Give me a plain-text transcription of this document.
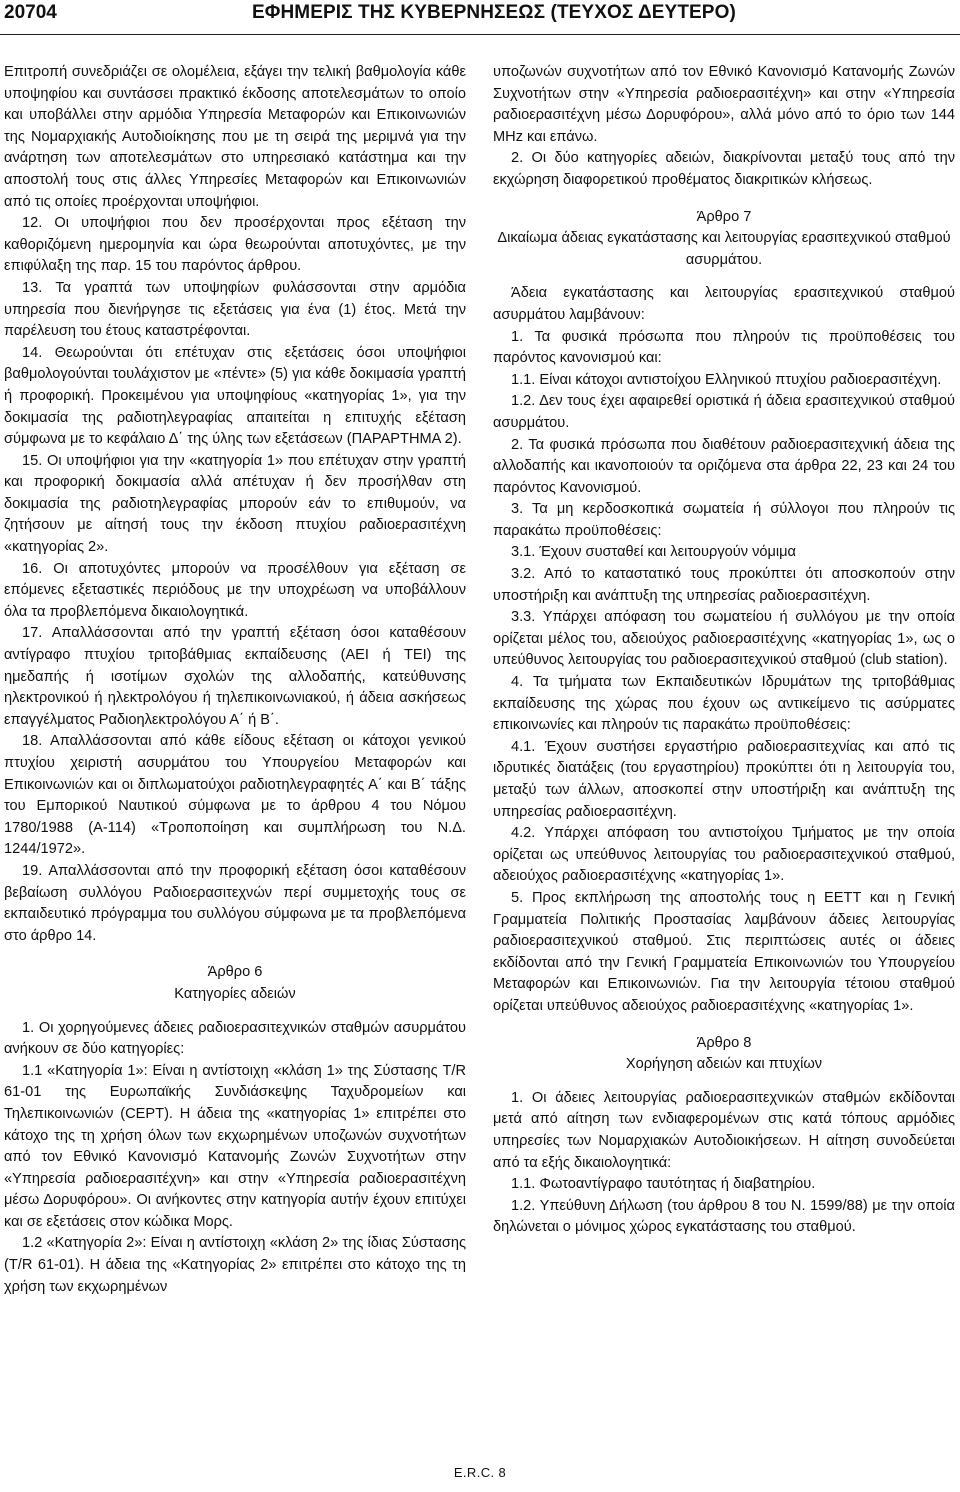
20704	ΕΦΗΜΕΡΙΣ ΤΗΣ ΚΥΒΕΡΝΗΣΕΩΣ (ΤΕΥΧΟΣ ΔΕΥΤΕΡΟ)

Επιτροπή συνεδριάζει σε ολομέλεια, εξάγει την τελική βαθμολογία κάθε υποψηφίου και συντάσσει πρακτικό έκδοσης αποτελεσμάτων το οποίο και υποβάλλει στην αρμόδια Υπηρεσία Μεταφορών και Επικοινωνιών της Νομαρχιακής Αυτοδιοίκησης που με τη σειρά της μεριμνά για την ανάρτηση των αποτελεσμάτων στο υπηρεσιακό κατάστημα και την αποστολή τους στις άλλες Υπηρεσίες Μεταφορών και Επικοινωνιών από τις οποίες προέρχονται υποψήφιοι.

12. Οι υποψήφιοι που δεν προσέρχονται προς εξέταση την καθοριζόμενη ημερομηνία και ώρα θεωρούνται αποτυχόντες, με την επιφύλαξη της παρ. 15 του παρόντος άρθρου.

13. Τα γραπτά των υποψηφίων φυλάσσονται στην αρμόδια υπηρεσία που διενήργησε τις εξετάσεις για ένα (1) έτος. Μετά την παρέλευση του έτους καταστρέφονται.

14. Θεωρούνται ότι επέτυχαν στις εξετάσεις όσοι υποψήφιοι βαθμολογούνται τουλάχιστον με «πέντε» (5) για κάθε δοκιμασία γραπτή ή προφορική. Προκειμένου για υποψηφίους «κατηγορίας 1», για την δοκιμασία της ραδιοτηλεγραφίας απαιτείται η επιτυχής εξέταση σύμφωνα με το κεφάλαιο Δ΄ της ύλης των εξετάσεων (ΠΑΡΑΡΤΗΜΑ 2).

15. Οι υποψήφιοι για την «κατηγορία 1» που επέτυχαν στην γραπτή και προφορική δοκιμασία αλλά απέτυχαν ή δεν προσήλθαν στη δοκιμασία της ραδιοτηλεγραφίας μπορούν εάν το επιθυμούν, να ζητήσουν με αίτησή τους την έκδοση πτυχίου ραδιοερασιτέχνη «κατηγορίας 2».

16. Οι αποτυχόντες μπορούν να προσέλθουν για εξέταση σε επόμενες εξεταστικές περιόδους με την υποχρέωση να υποβάλλουν όλα τα προβλεπόμενα δικαιολογητικά.

17. Απαλλάσσονται από την γραπτή εξέταση όσοι καταθέσουν αντίγραφο πτυχίου τριτοβάθμιας εκπαίδευσης (ΑΕΙ ή ΤΕΙ) της ημεδαπής ή ισοτίμων σχολών της αλλοδαπής, κατεύθυνσης ηλεκτρονικού ή ηλεκτρολόγου ή τηλεπικοινωνιακού, ή άδεια ασκήσεως επαγγέλματος Ραδιοηλεκτρολόγου Α΄ ή Β΄.

18. Απαλλάσσονται από κάθε είδους εξέταση οι κάτοχοι γενικού πτυχίου χειριστή ασυρμάτου του Υπουργείου Μεταφορών και Επικοινωνιών και οι διπλωματούχοι ραδιοτηλεγραφητές Α΄ και Β΄ τάξης του Εμπορικού Ναυτικού σύμφωνα με το άρθρου 4 του Νόμου 1780/1988 (Α-114) «Τροποποίηση και συμπλήρωση του Ν.Δ. 1244/1972».

19. Απαλλάσσονται από την προφορική εξέταση όσοι καταθέσουν βεβαίωση συλλόγου Ραδιοερασιτεχνών περί συμμετοχής τους σε εκπαιδευτικό πρόγραμμα του συλλόγου σύμφωνα με τα προβλεπόμενα στο άρθρο 14.

Άρθρο 6

Κατηγορίες αδειών

1. Οι χορηγούμενες άδειες ραδιοερασιτεχνικών σταθμών ασυρμάτου ανήκουν σε δύο κατηγορίες:

1.1 «Κατηγορία 1»: Είναι η αντίστοιχη «κλάση 1» της Σύστασης T/R 61-01 της Ευρωπαϊκής Συνδιάσκεψης Ταχυδρομείων και Τηλεπικοινωνιών (CEPT). Η άδεια της «κατηγορίας 1» επιτρέπει στο κάτοχο της τη χρήση όλων των εκχωρημένων υποζωνών συχνοτήτων από τον Εθνικό Κανονισμό Κατανομής Ζωνών Συχνοτήτων στην «Υπηρεσία ραδιοερασιτέχνη» και στην «Υπηρεσία ραδιοερασιτέχνη μέσω Δορυφόρου». Οι ανήκοντες στην κατηγορία αυτήν έχουν επιτύχει και σε εξετάσεις στον κώδικα Μορς.

1.2 «Κατηγορία 2»: Είναι η αντίστοιχη «κλάση 2» της ίδιας Σύστασης (T/R 61-01). Η άδεια της «Κατηγορίας 2» επιτρέπει στο κάτοχο της τη χρήση των εκχωρημένων

υποζωνών συχνοτήτων από τον Εθνικό Κανονισμό Κατανομής Ζωνών Συχνοτήτων στην «Υπηρεσία ραδιοερασιτέχνη» και στην «Υπηρεσία ραδιοερασιτέχνη μέσω Δορυφόρου», αλλά μόνο από το όριο των 144 MHz και επάνω.

2. Οι δύο κατηγορίες αδειών, διακρίνονται μεταξύ τους από την εκχώρηση διαφορετικού προθέματος διακριτικών κλήσεως.

Άρθρο 7

Δικαίωμα άδειας εγκατάστασης και λειτουργίας ερασιτεχνικού σταθμού ασυρμάτου.

Άδεια εγκατάστασης και λειτουργίας ερασιτεχνικού σταθμού ασυρμάτου λαμβάνουν:

1. Τα φυσικά πρόσωπα που πληρούν τις προϋποθέσεις του παρόντος κανονισμού και:

1.1. Είναι κάτοχοι αντιστοίχου Ελληνικού πτυχίου ραδιοερασιτέχνη.

1.2. Δεν τους έχει αφαιρεθεί οριστικά ή άδεια ερασιτεχνικού σταθμού ασυρμάτου.

2. Τα φυσικά πρόσωπα που διαθέτουν ραδιοερασιτεχνική άδεια της αλλοδαπής και ικανοποιούν τα οριζόμενα στα άρθρα 22, 23 και 24 του παρόντος Κανονισμού.

3. Τα μη κερδοσκοπικά σωματεία ή σύλλογοι που πληρούν τις παρακάτω προϋποθέσεις:

3.1. Έχουν συσταθεί και λειτουργούν νόμιμα

3.2. Από το καταστατικό τους προκύπτει ότι αποσκοπούν στην υποστήριξη και ανάπτυξη της υπηρεσίας ραδιοερασιτέχνη.

3.3. Υπάρχει απόφαση του σωματείου ή συλλόγου με την οποία ορίζεται μέλος του, αδειούχος ραδιοερασιτέχνης «κατηγορίας 1», ως ο υπεύθυνος λειτουργίας του ραδιοερασιτεχνικού σταθμού (club station).

4. Τα τμήματα των Εκπαιδευτικών Ιδρυμάτων της τριτοβάθμιας εκπαίδευσης της χώρας που έχουν ως αντικείμενο τις ασύρματες επικοινωνίες και πληρούν τις παρακάτω προϋποθέσεις:

4.1. Έχουν συστήσει εργαστήριο ραδιοερασιτεχνίας και από τις ιδρυτικές διατάξεις (του εργαστηρίου) προκύπτει ότι η λειτουργία του, μεταξύ των άλλων, αποσκοπεί στην υποστήριξη και ανάπτυξη της υπηρεσίας ραδιοερασιτέχνη.

4.2. Υπάρχει απόφαση του αντιστοίχου Τμήματος με την οποία ορίζεται ως υπεύθυνος λειτουργίας του ραδιοερασιτεχνικού σταθμού, αδειούχος ραδιοερασιτέχνης «κατηγορίας 1».

5. Προς εκπλήρωση της αποστολής τους η ΕΕΤΤ και η Γενική Γραμματεία Πολιτικής Προστασίας λαμβάνουν άδειες λειτουργίας ραδιοερασιτεχνικού σταθμού. Στις περιπτώσεις αυτές οι άδειες εκδίδονται από την Γενική Γραμματεία Επικοινωνιών του Υπουργείου Μεταφορών και Επικοινωνιών. Για την λειτουργία τέτοιου σταθμού ορίζεται υπεύθυνος αδειούχος ραδιοερασιτέχνης «κατηγορίας 1».

Άρθρο 8

Χορήγηση αδειών και πτυχίων

1. Οι άδειες λειτουργίας ραδιοερασιτεχνικών σταθμών εκδίδονται μετά από αίτηση των ενδιαφερομένων στις κατά τόπους αρμόδιες υπηρεσίες των Νομαρχιακών Αυτοδιοικήσεων. Η αίτηση συνοδεύεται από τα εξής δικαιολογητικά:

1.1. Φωτοαντίγραφο ταυτότητας ή διαβατηρίου.

1.2. Υπεύθυνη Δήλωση (του άρθρου 8 του Ν. 1599/88) με την οποία δηλώνεται ο μόνιμος χώρος εγκατάστασης του σταθμού.

E.R.C. 8
